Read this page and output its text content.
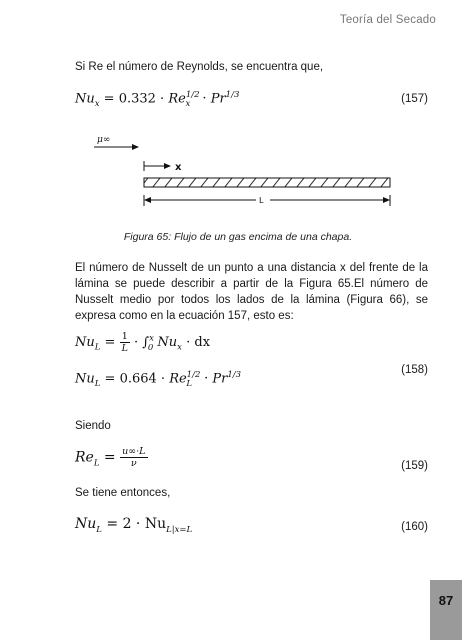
Teoría del Secado
Si Re el número de Reynolds, se encuentra que,
$Nu_x = 0.332 \cdot Re^{1/2}_x \cdot Pr^{1/3}$	(157)
μ∞
x
L
Figura 65: Flujo de un gas encima de una chapa.
El número de Nusselt de un punto a una distancia x del frente de la lámina se puede describir a partir de la Figura 65.El número de Nusselt medio por todos los lados de la lámina (Figura 66), se expresa como en la ecuación 157, esto es:
$Nu_L = \frac{1}{L} \cdot \int^x_0$ $Nu_x$ · dx
$Nu_L = 0.664 \cdot Re^{1/2}_L \cdot Pr^{1/3}$	(158)
Siendo
$Re_L = \frac{u\infty\cdot L}{\nu}$	(159)
Se tiene entonces,
$Nu_L = 2 \cdot Nu_{L|x=L}$	(160)
87
